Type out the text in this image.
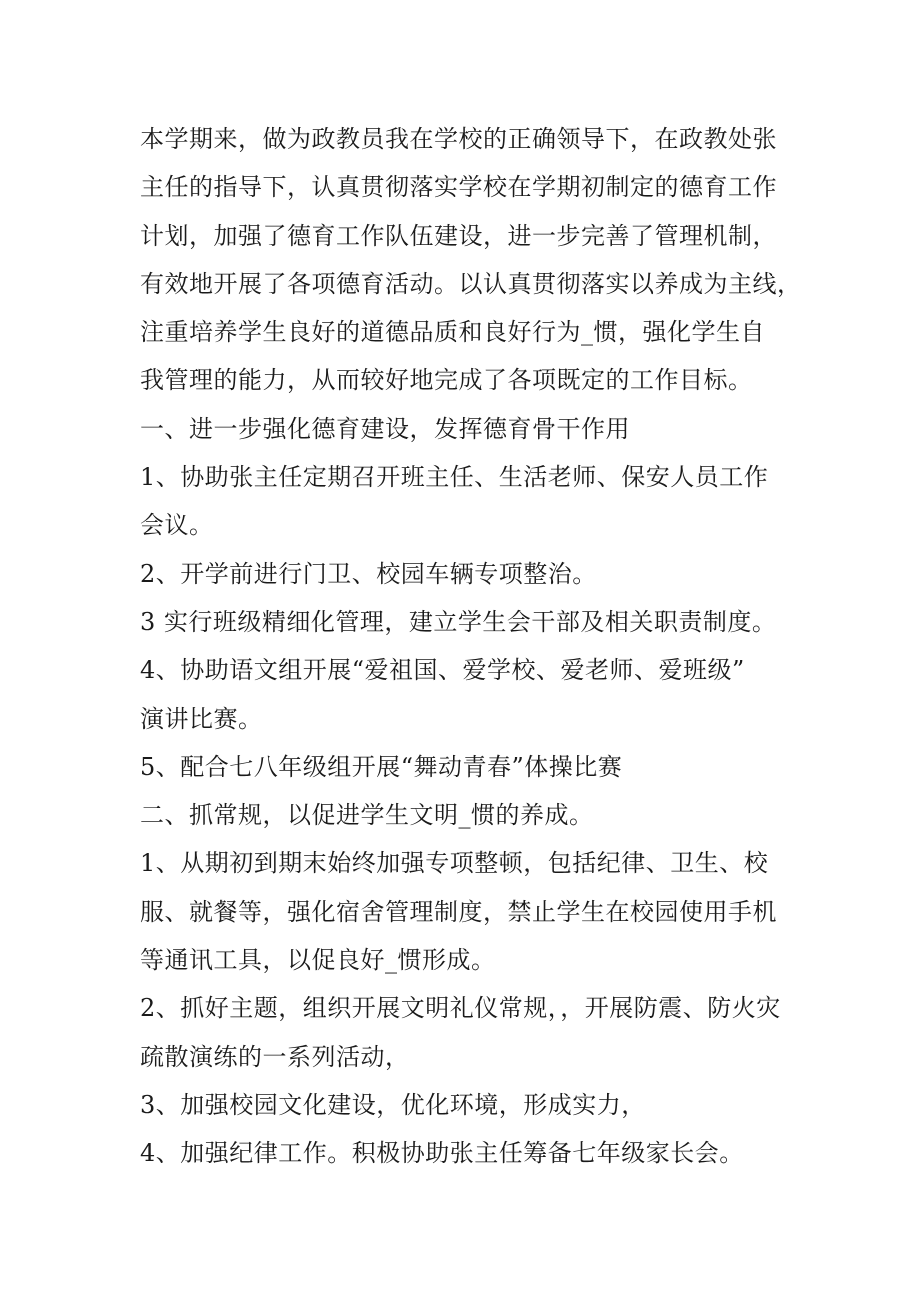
本学期来，做为政教员我在学校的正确领导下，在政教处张
主任的指导下，认真贯彻落实学校在学期初制定的德育工作
计划，加强了德育工作队伍建设，进一步完善了管理机制，
有效地开展了各项德育活动。以认真贯彻落实以养成为主线，
注重培养学生良好的道德品质和良好行为_惯，强化学生自
我管理的能力，从而较好地完成了各项既定的工作目标。
一、进一步强化德育建设，发挥德育骨干作用
1、协助张主任定期召开班主任、生活老师、保安人员工作
会议。
2、开学前进行门卫、校园车辆专项整治。
3 实行班级精细化管理，建立学生会干部及相关职责制度。
4、协助语文组开展“爱祖国、爱学校、爱老师、爱班级”
演讲比赛。
5、配合七八年级组开展“舞动青春”体操比赛
二、抓常规，以促进学生文明_惯的养成。
1、从期初到期末始终加强专项整顿，包括纪律、卫生、校
服、就餐等，强化宿舍管理制度，禁止学生在校园使用手机
等通讯工具，以促良好_惯形成。
2、抓好主题，组织开展文明礼仪常规，，开展防震、防火灾
疏散演练的一系列活动，
3、加强校园文化建设，优化环境，形成实力，
4、加强纪律工作。积极协助张主任筹备七年级家长会。
